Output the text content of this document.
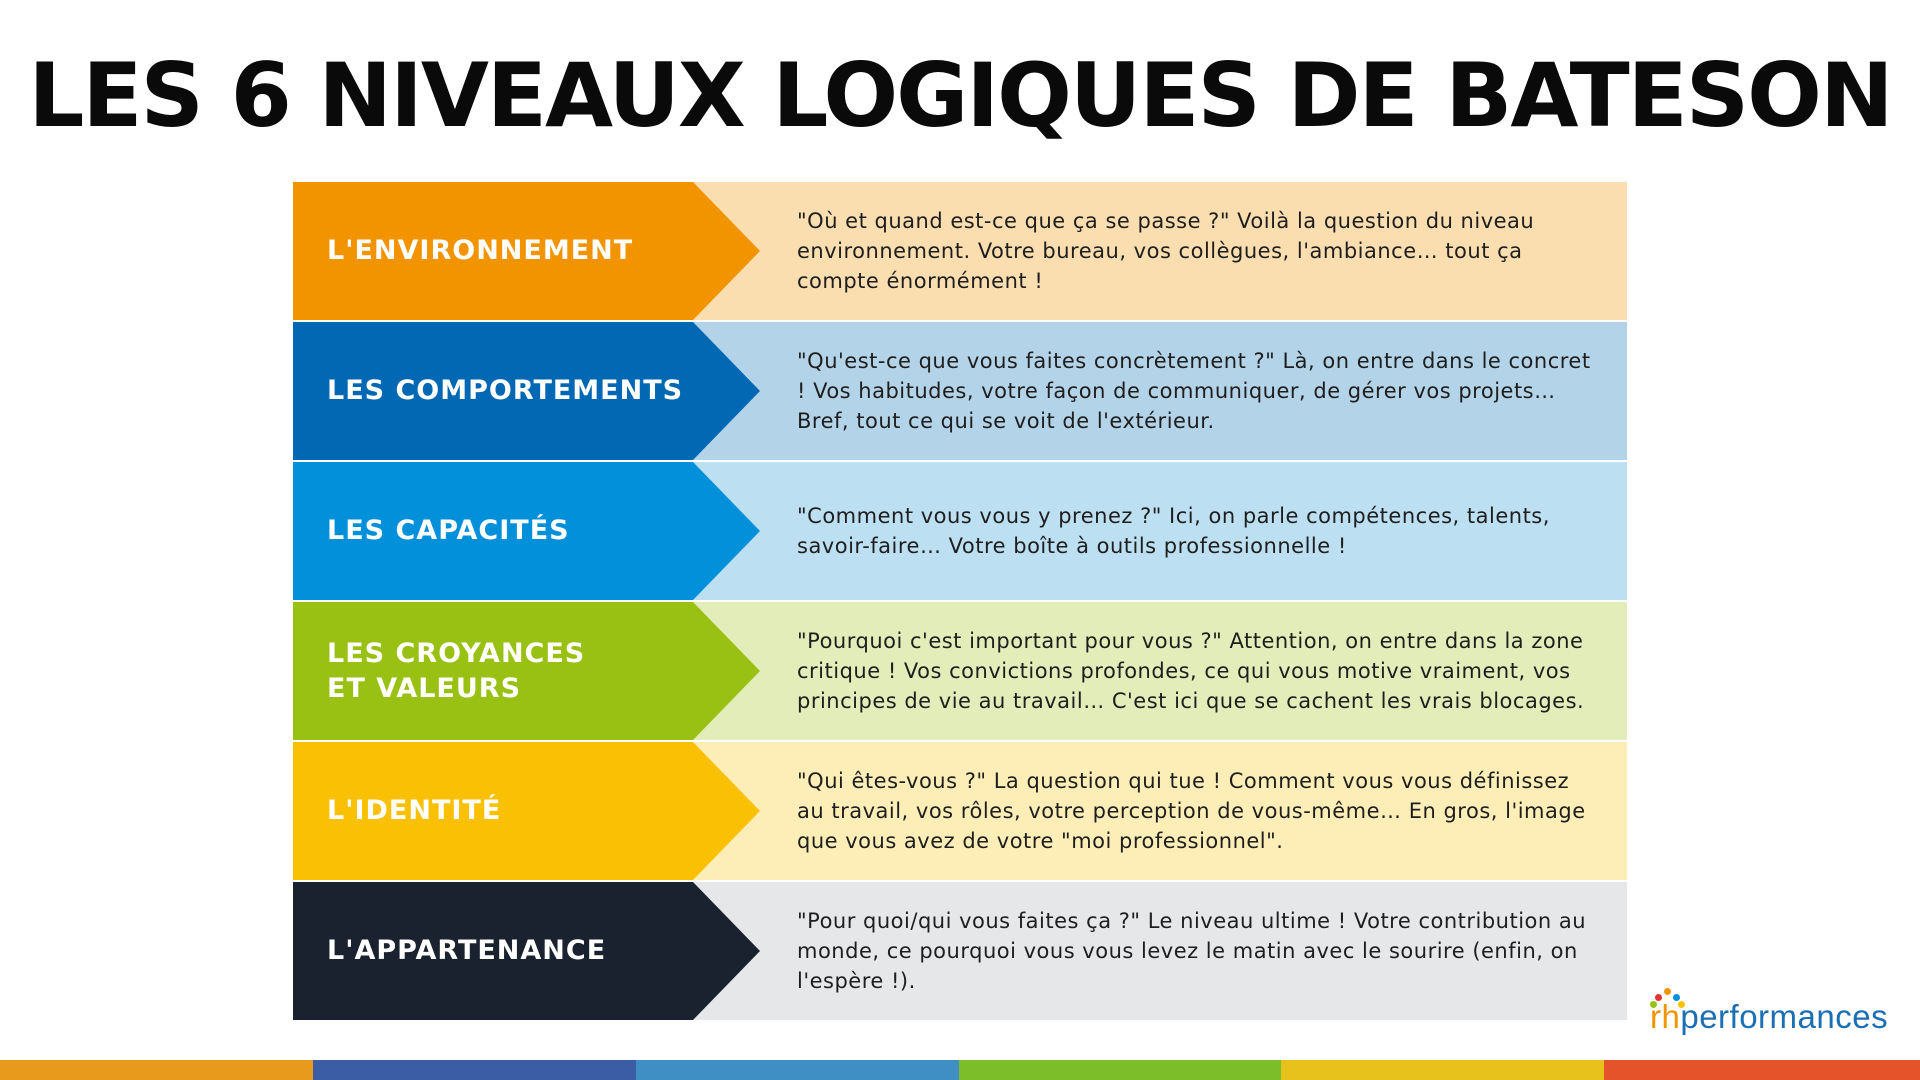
LES 6 NIVEAUX LOGIQUES DE BATESON
L'ENVIRONNEMENT
"Où et quand est-ce que ça se passe ?" Voilà la question du niveau environnement. Votre bureau, vos collègues, l'ambiance… tout ça compte énormément !
LES COMPORTEMENTS
"Qu'est-ce que vous faites concrètement ?" Là, on entre dans le concret ! Vos habitudes, votre façon de communiquer, de gérer vos projets… Bref, tout ce qui se voit de l'extérieur.
LES CAPACITÉS	"Comment vous vous y prenez ?" Ici, on parle compétences, talents, savoir-faire… Votre boîte à outils professionnelle !
LES CROYANCES
ET VALEURS
"Pourquoi c'est important pour vous ?" Attention, on entre dans la zone critique ! Vos convictions profondes, ce qui vous motive vraiment, vos principes de vie au travail… C'est ici que se cachent les vrais blocages.
L'IDENTITÉ
"Qui êtes-vous ?" La question qui tue ! Comment vous vous définissez au travail, vos rôles, votre perception de vous-même… En gros, l'image que vous avez de votre "moi professionnel".
L'APPARTENANCE
"Pour quoi/qui vous faites ça ?" Le niveau ultime ! Votre contribution au monde, ce pourquoi vous vous levez le matin avec le sourire (enfin, on l'espère !).
rhperformances
